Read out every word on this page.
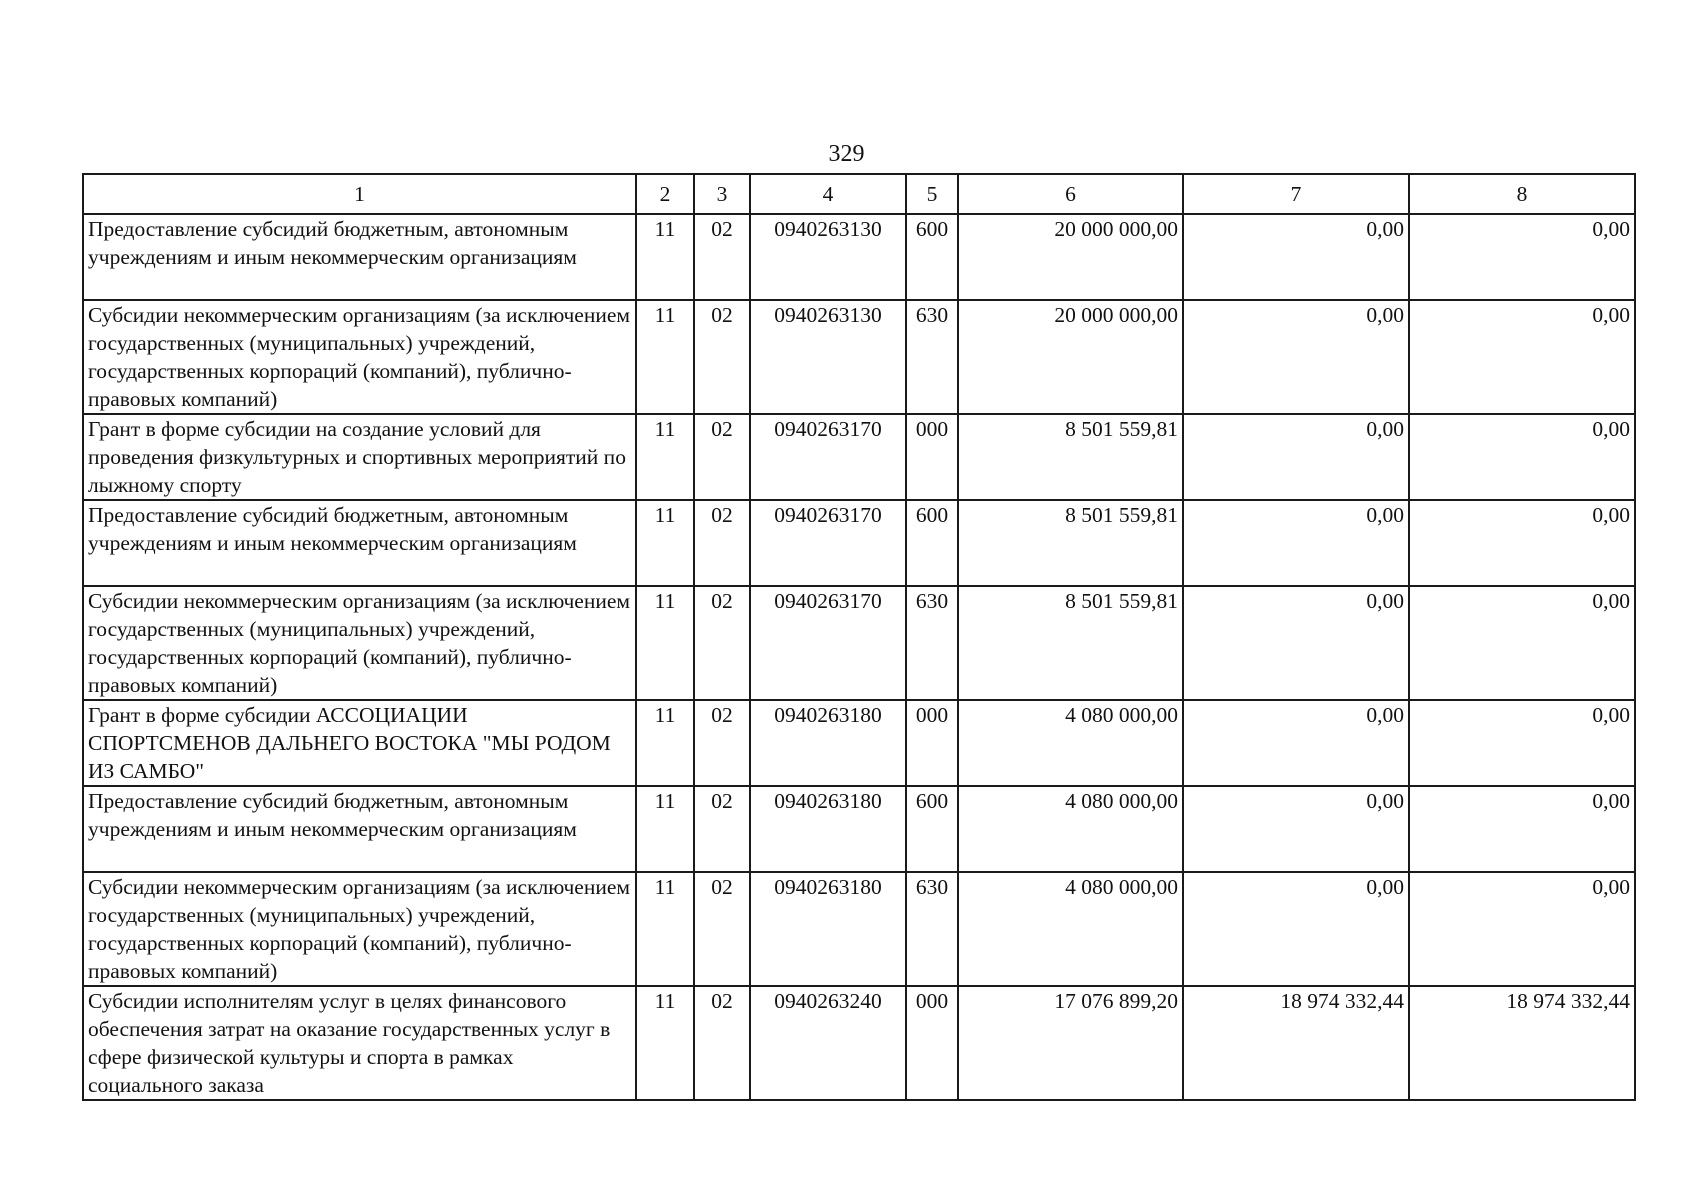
329
1	2	3	4	5	6	7	8
Предоставление субсидий бюджетным, автономным учреждениям и иным некоммерческим организациям	11	02	0940263130	600	20 000 000,00	0,00	0,00
Субсидии некоммерческим организациям (за исключением государственных (муниципальных) учреждений, государственных корпораций (компаний), публично-правовых компаний)	11	02	0940263130	630	20 000 000,00	0,00	0,00
Грант в форме субсидии на создание условий для проведения физкультурных и спортивных мероприятий по лыжному спорту	11	02	0940263170	000	8 501 559,81	0,00	0,00
Предоставление субсидий бюджетным, автономным учреждениям и иным некоммерческим организациям	11	02	0940263170	600	8 501 559,81	0,00	0,00
Субсидии некоммерческим организациям (за исключением государственных (муниципальных) учреждений, государственных корпораций (компаний), публично-правовых компаний)	11	02	0940263170	630	8 501 559,81	0,00	0,00
Грант в форме субсидии АССОЦИАЦИИ СПОРТСМЕНОВ ДАЛЬНЕГО ВОСТОКА "МЫ РОДОМ ИЗ САМБО"	11	02	0940263180	000	4 080 000,00	0,00	0,00
Предоставление субсидий бюджетным, автономным учреждениям и иным некоммерческим организациям	11	02	0940263180	600	4 080 000,00	0,00	0,00
Субсидии некоммерческим организациям (за исключением государственных (муниципальных) учреждений, государственных корпораций (компаний), публично-правовых компаний)	11	02	0940263180	630	4 080 000,00	0,00	0,00
Субсидии исполнителям услуг в целях финансового обеспечения затрат на оказание государственных услуг в сфере физической культуры и спорта в рамках социального заказа	11	02	0940263240	000	17 076 899,20	18 974 332,44	18 974 332,44
